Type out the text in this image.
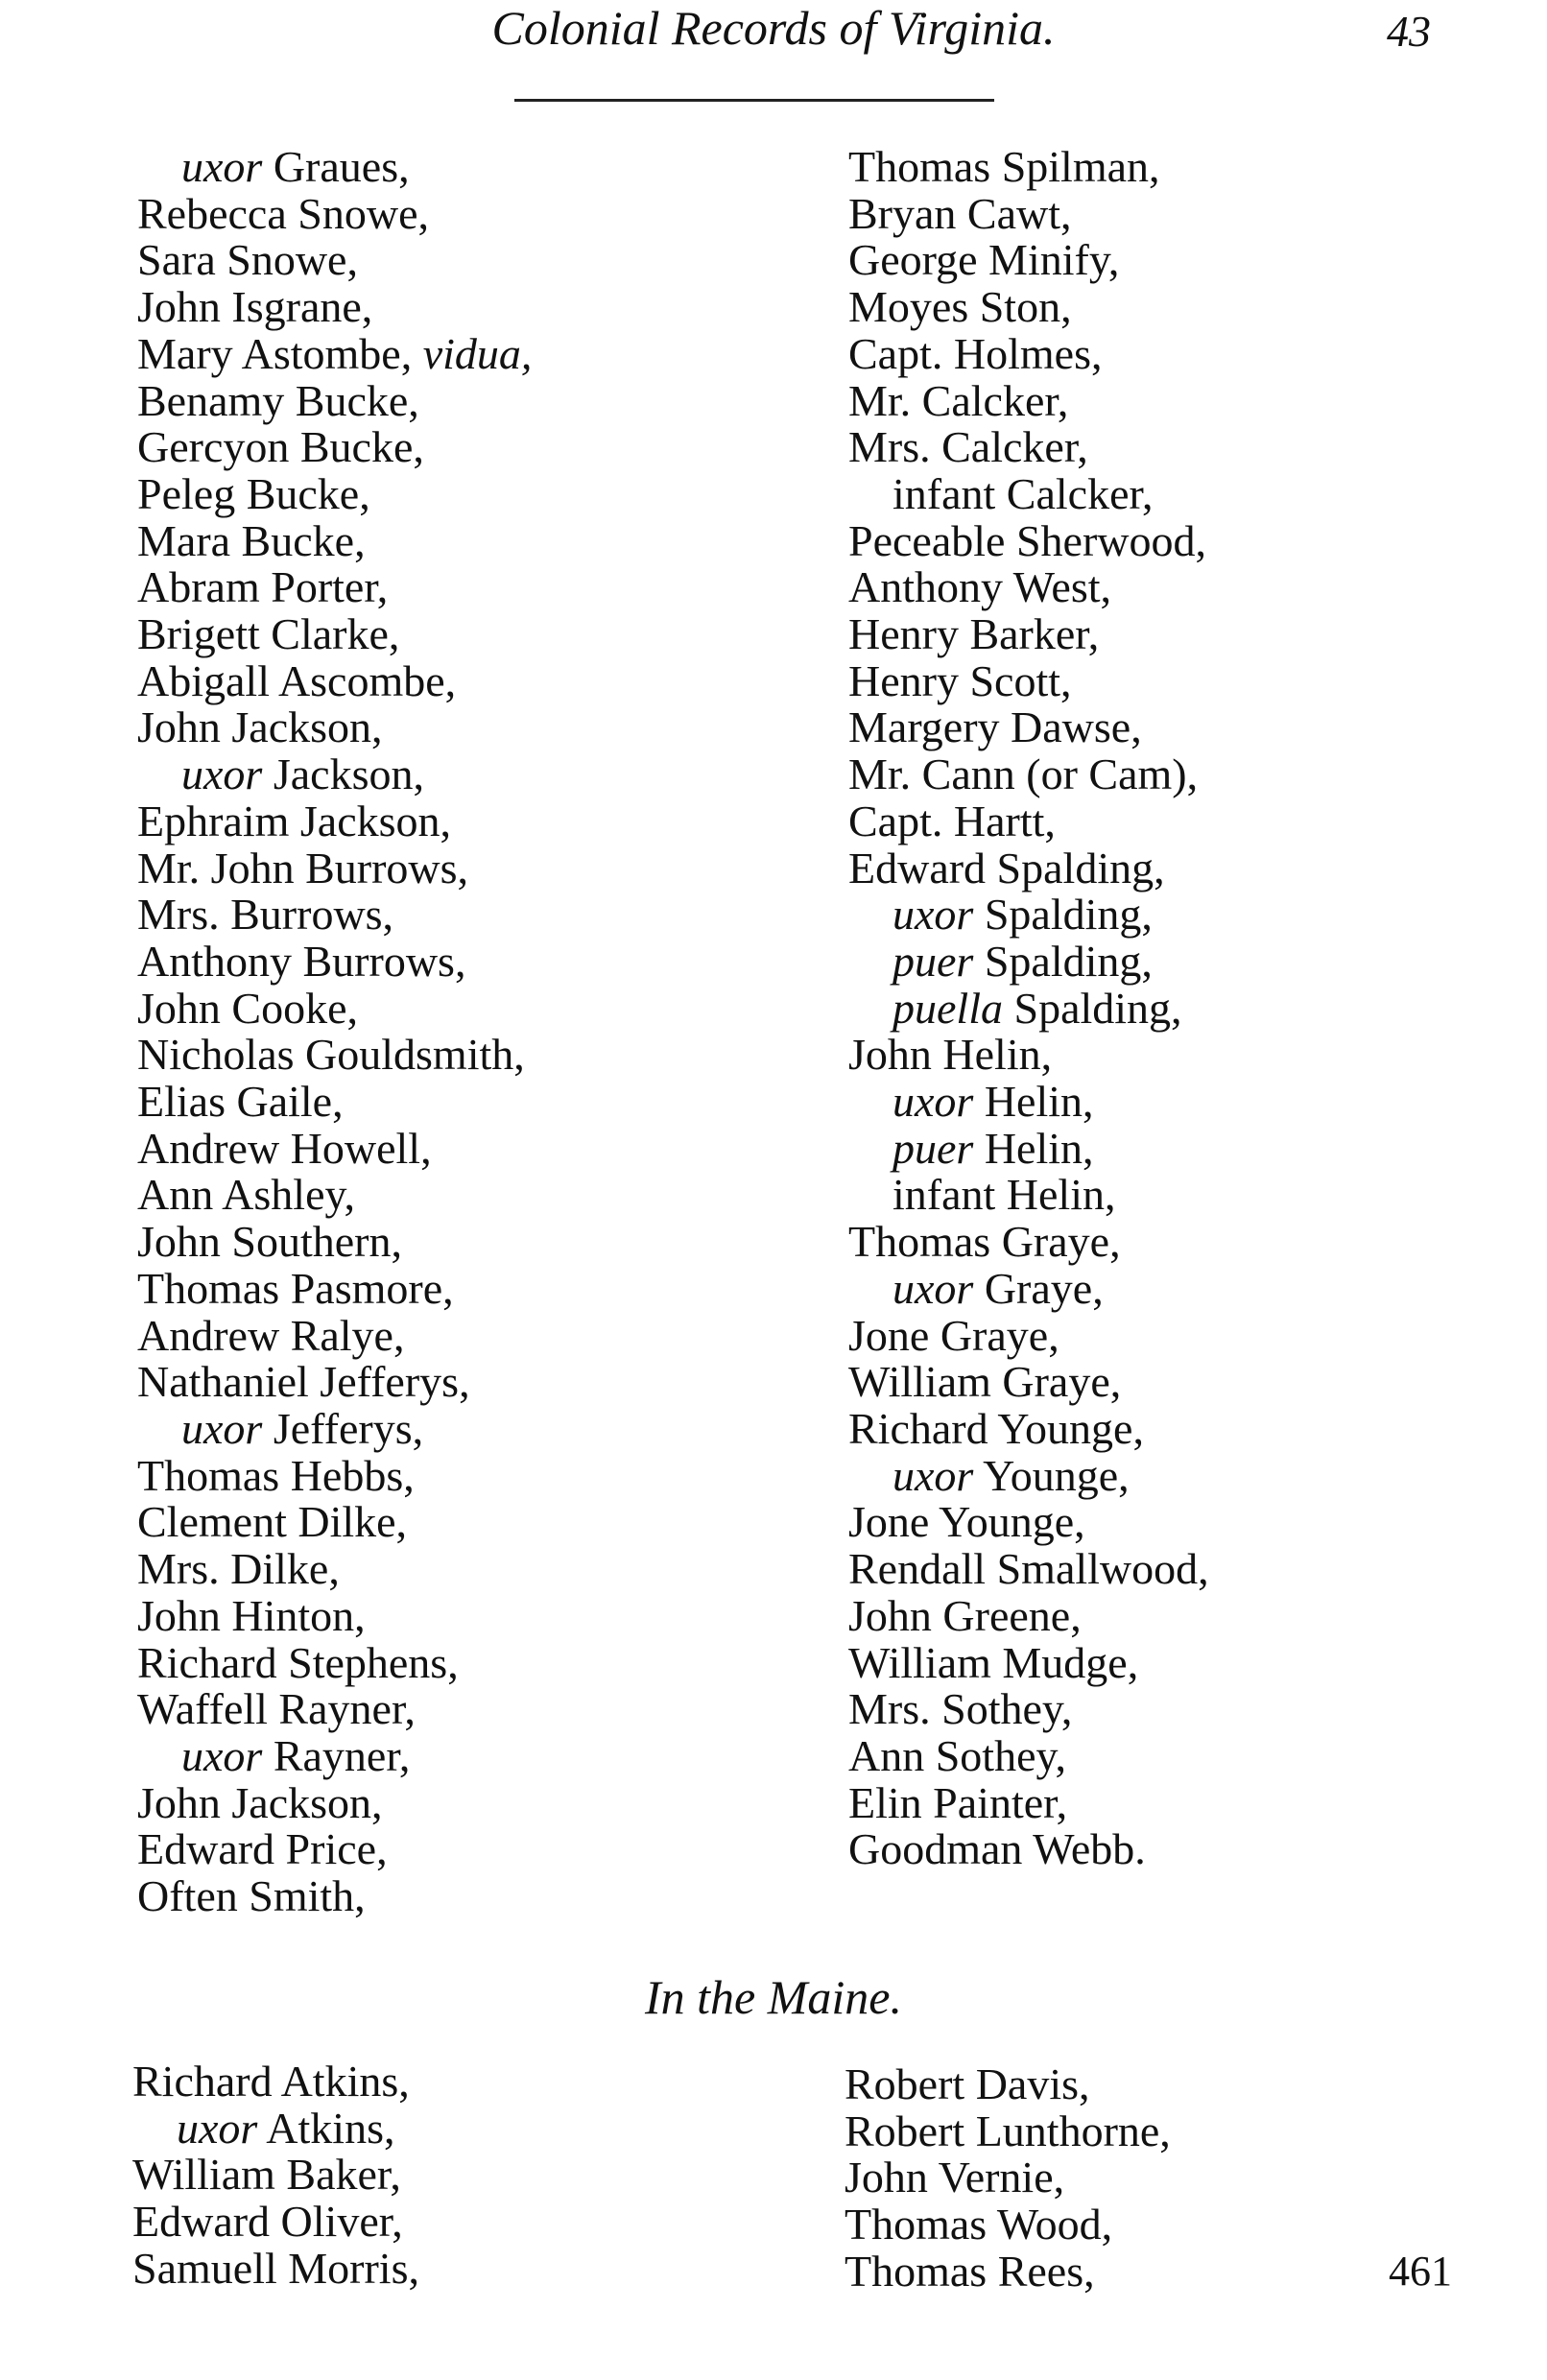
Colonial Records of Virginia.	43
uxor Graues,
Rebecca Snowe,
Sara Snowe,
John Isgrane,
Mary Astombe, vidua,
Benamy Bucke,
Gercyon Bucke,
Peleg Bucke,
Mara Bucke,
Abram Porter,
Brigett Clarke,
Abigall Ascombe,
John Jackson,
uxor Jackson,
Ephraim Jackson,
Mr. John Burrows,
Mrs. Burrows,
Anthony Burrows,
John Cooke,
Nicholas Gouldsmith,
Elias Gaile,
Andrew Howell,
Ann Ashley,
John Southern,
Thomas Pasmore,
Andrew Ralye,
Nathaniel Jefferys,
uxor Jefferys,
Thomas Hebbs,
Clement Dilke,
Mrs. Dilke,
John Hinton,
Richard Stephens,
Waffell Rayner,
uxor Rayner,
John Jackson,
Edward Price,
Often Smith,
Thomas Spilman,
Bryan Cawt,
George Minify,
Moyes Ston,
Capt. Holmes,
Mr. Calcker,
Mrs. Calcker,
infant Calcker,
Peceable Sherwood,
Anthony West,
Henry Barker,
Henry Scott,
Margery Dawse,
Mr. Cann (or Cam),
Capt. Hartt,
Edward Spalding,
uxor Spalding,
puer Spalding,
puella Spalding,
John Helin,
uxor Helin,
puer Helin,
infant Helin,
Thomas Graye,
uxor Graye,
Jone Graye,
William Graye,
Richard Younge,
uxor Younge,
Jone Younge,
Rendall Smallwood,
John Greene,
William Mudge,
Mrs. Sothey,
Ann Sothey,
Elin Painter,
Goodman Webb.
In the Maine.
Richard Atkins,
uxor Atkins,
William Baker,
Edward Oliver,
Samuell Morris,
Robert Davis,
Robert Lunthorne,
John Vernie,
Thomas Wood,
Thomas Rees,	461
